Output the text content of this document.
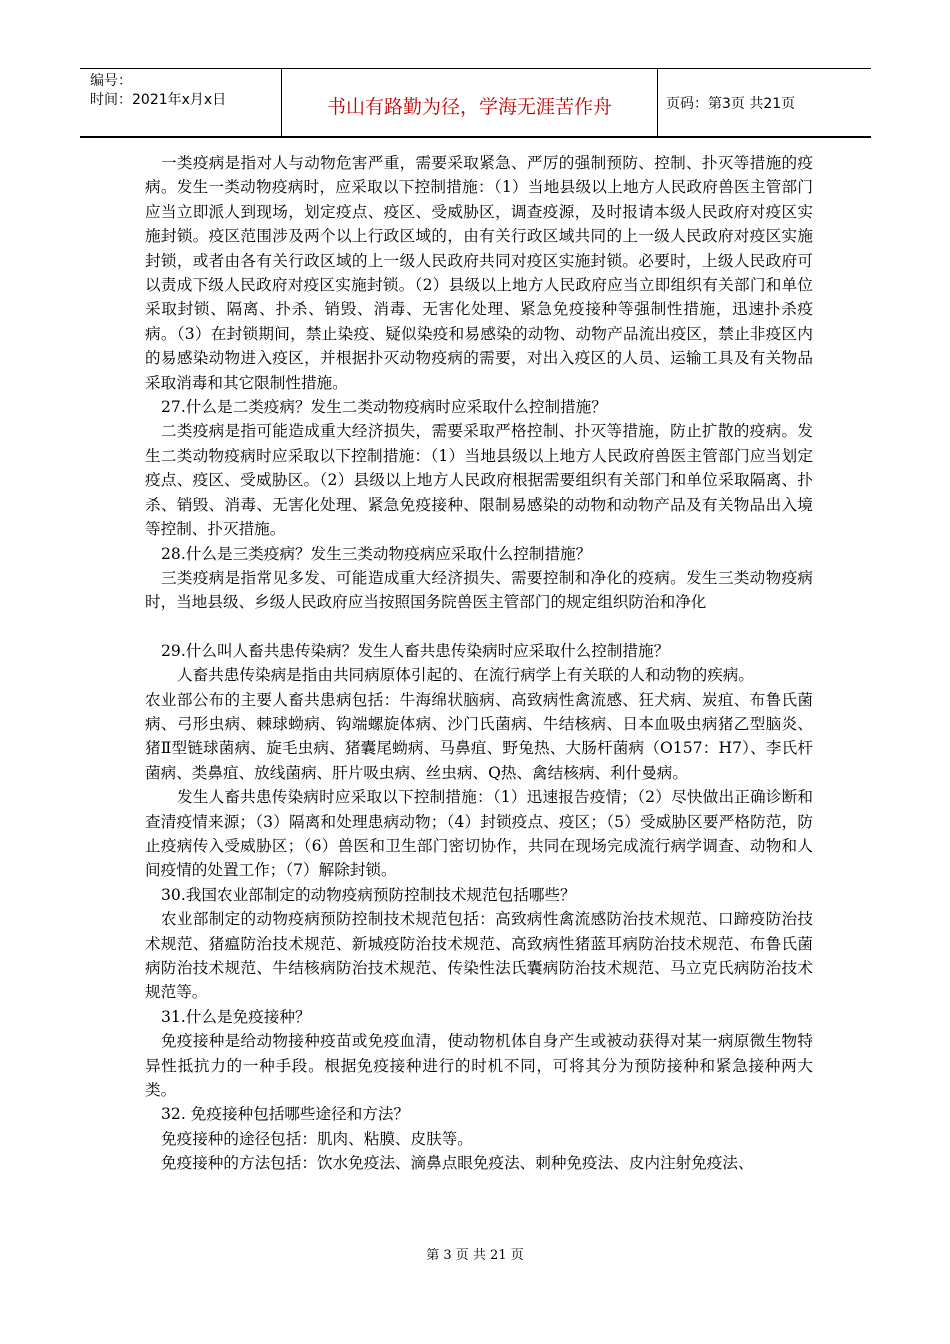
编号：
时间：2021年x月x日	书山有路勤为径，学海无涯苦作舟	页码：第3页 共21页

一类疫病是指对人与动物危害严重，需要采取紧急、严厉的强制预防、控制、扑灭等措施的疫病。发生一类动物疫病时，应采取以下控制措施：（1）当地县级以上地方人民政府兽医主管部门应当立即派人到现场，划定疫点、疫区、受威胁区，调查疫源，及时报请本级人民政府对疫区实施封锁。疫区范围涉及两个以上行政区域的，由有关行政区域共同的上一级人民政府对疫区实施封锁，或者由各有关行政区域的上一级人民政府共同对疫区实施封锁。必要时，上级人民政府可以责成下级人民政府对疫区实施封锁。（2）县级以上地方人民政府应当立即组织有关部门和单位采取封锁、隔离、扑杀、销毁、消毒、无害化处理、紧急免疫接种等强制性措施，迅速扑杀疫病。（3）在封锁期间，禁止染疫、疑似染疫和易感染的动物、动物产品流出疫区，禁止非疫区内的易感染动物进入疫区，并根据扑灭动物疫病的需要，对出入疫区的人员、运输工具及有关物品采取消毒和其它限制性措施。

27.什么是二类疫病？发生二类动物疫病时应采取什么控制措施？

二类疫病是指可能造成重大经济损失，需要采取严格控制、扑灭等措施，防止扩散的疫病。发生二类动物疫病时应采取以下控制措施：（1）当地县级以上地方人民政府兽医主管部门应当划定疫点、疫区、受威胁区。（2）县级以上地方人民政府根据需要组织有关部门和单位采取隔离、扑杀、销毁、消毒、无害化处理、紧急免疫接种、限制易感染的动物和动物产品及有关物品出入境等控制、扑灭措施。

28.什么是三类疫病？发生三类动物疫病应采取什么控制措施？

三类疫病是指常见多发、可能造成重大经济损失、需要控制和净化的疫病。发生三类动物疫病时，当地县级、乡级人民政府应当按照国务院兽医主管部门的规定组织防治和净化

29.什么叫人畜共患传染病？发生人畜共患传染病时应采取什么控制措施？

人畜共患传染病是指由共同病原体引起的、在流行病学上有关联的人和动物的疾病。

农业部公布的主要人畜共患病包括：牛海绵状脑病、高致病性禽流感、狂犬病、炭疽、布鲁氏菌病、弓形虫病、棘球蚴病、钩端螺旋体病、沙门氏菌病、牛结核病、日本血吸虫病猪乙型脑炎、猪Ⅱ型链球菌病、旋毛虫病、猪囊尾蚴病、马鼻疽、野兔热、大肠杆菌病（O157：H7）、李氏杆菌病、类鼻疽、放线菌病、肝片吸虫病、丝虫病、Q热、禽结核病、利什曼病。

发生人畜共患传染病时应采取以下控制措施：（1）迅速报告疫情；（2）尽快做出正确诊断和查清疫情来源；（3）隔离和处理患病动物；（4）封锁疫点、疫区；（5）受威胁区要严格防范，防止疫病传入受威胁区；（6）兽医和卫生部门密切协作，共同在现场完成流行病学调查、动物和人间疫情的处置工作；（7）解除封锁。

30.我国农业部制定的动物疫病预防控制技术规范包括哪些？

农业部制定的动物疫病预防控制技术规范包括：高致病性禽流感防治技术规范、口蹄疫防治技术规范、猪瘟防治技术规范、新城疫防治技术规范、高致病性猪蓝耳病防治技术规范、布鲁氏菌病防治技术规范、牛结核病防治技术规范、传染性法氏囊病防治技术规范、马立克氏病防治技术规范等。

31.什么是免疫接种？

免疫接种是给动物接种疫苗或免疫血清，使动物机体自身产生或被动获得对某一病原微生物特异性抵抗力的一种手段。根据免疫接种进行的时机不同，可将其分为预防接种和紧急接种两大类。

32. 免疫接种包括哪些途径和方法？

免疫接种的途径包括：肌肉、粘膜、皮肤等。

免疫接种的方法包括：饮水免疫法、滴鼻点眼免疫法、刺种免疫法、皮内注射免疫法、

第 3 页 共 21 页
